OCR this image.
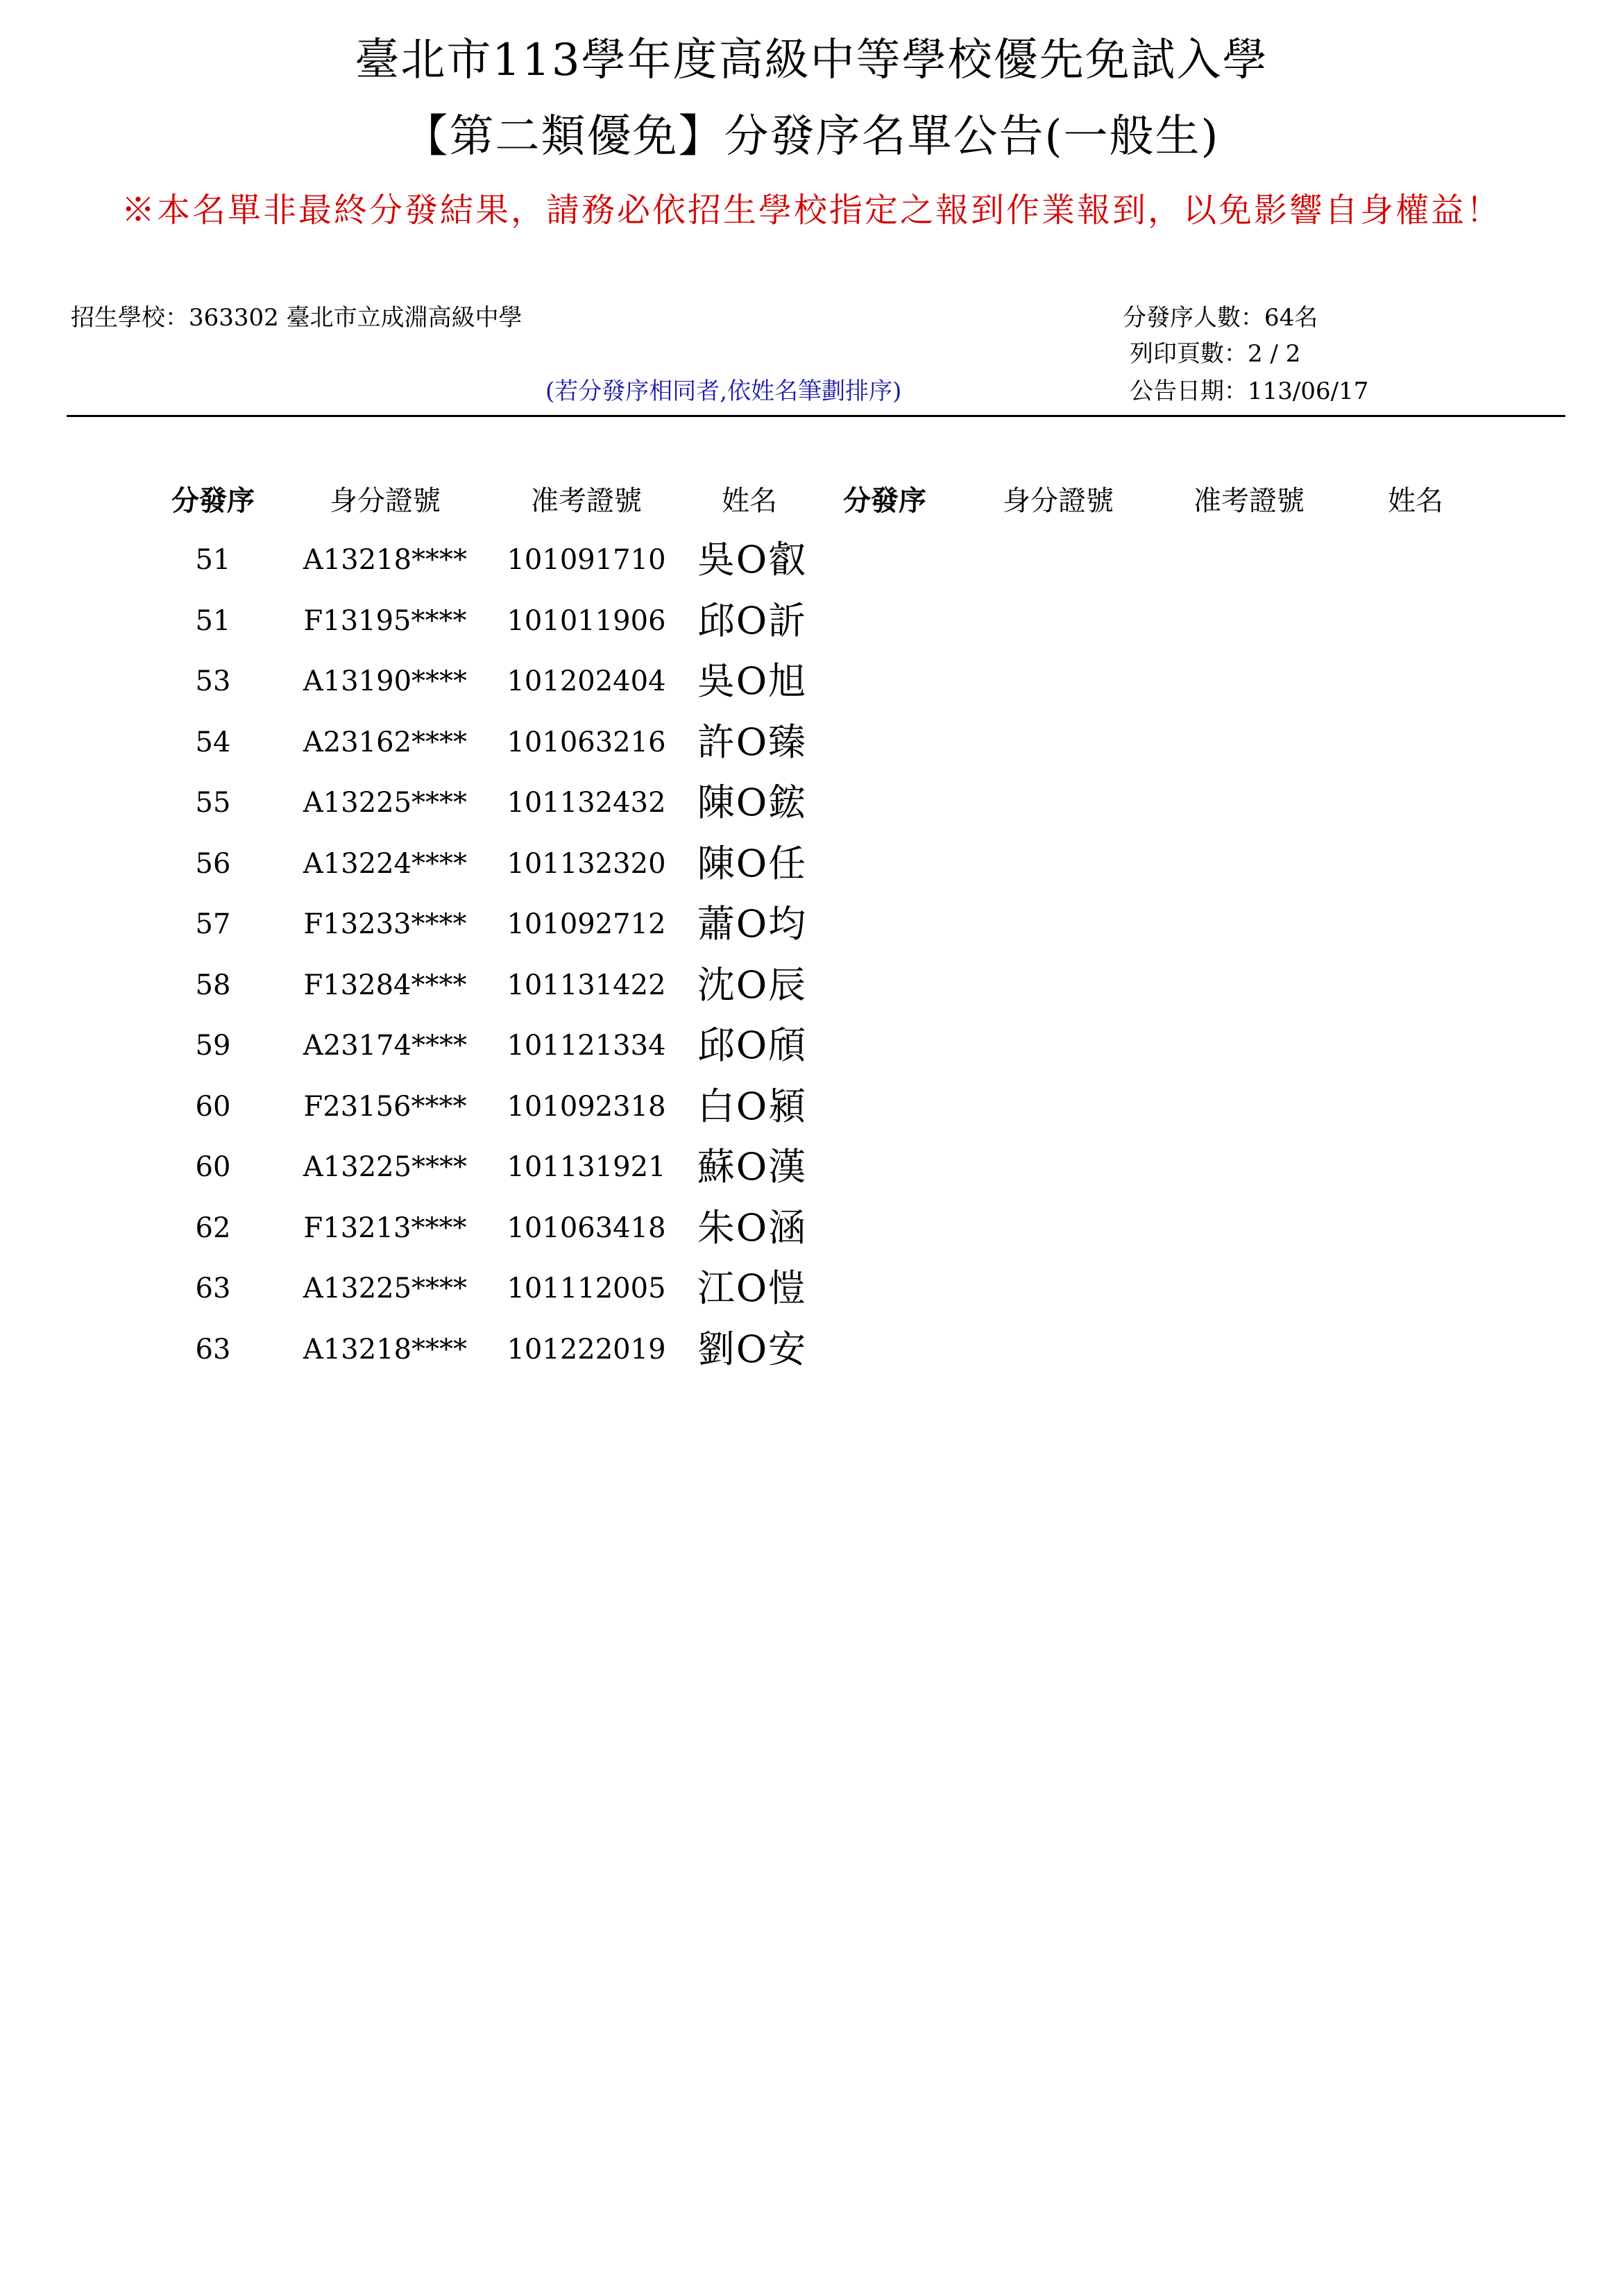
臺北市113學年度高級中等學校優先免試入學
【第二類優免】分發序名單公告(一般生)
※本名單非最終分發結果，請務必依招生學校指定之報到作業報到，以免影響自身權益！
招生學校：363302 臺北市立成淵高級中學	分發序人數：64名
列印頁數：2 / 2
公告日期：113/06/17
(若分發序相同者,依姓名筆劃排序)
分發序	身分證號	准考證號	姓名	分發序	身分證號	准考證號	姓名
51	A13218**** 101091710 吳O叡
51	F13195**** 101011906 邱O訢
53	A13190**** 101202404 吳O旭
54	A23162**** 101063216 許O臻
55	A13225**** 101132432 陳O鋐
56	A13224**** 101132320 陳O任
57	F13233**** 101092712 蕭O均
58	F13284**** 101131422 沈O辰
59	A23174**** 101121334 邱O頎
60	F23156**** 101092318 白O潁
60	A13225**** 101131921 蘇O漢
62	F13213**** 101063418 朱O涵
63	A13225**** 101112005 江O愷
63	A13218**** 101222019 劉O安
